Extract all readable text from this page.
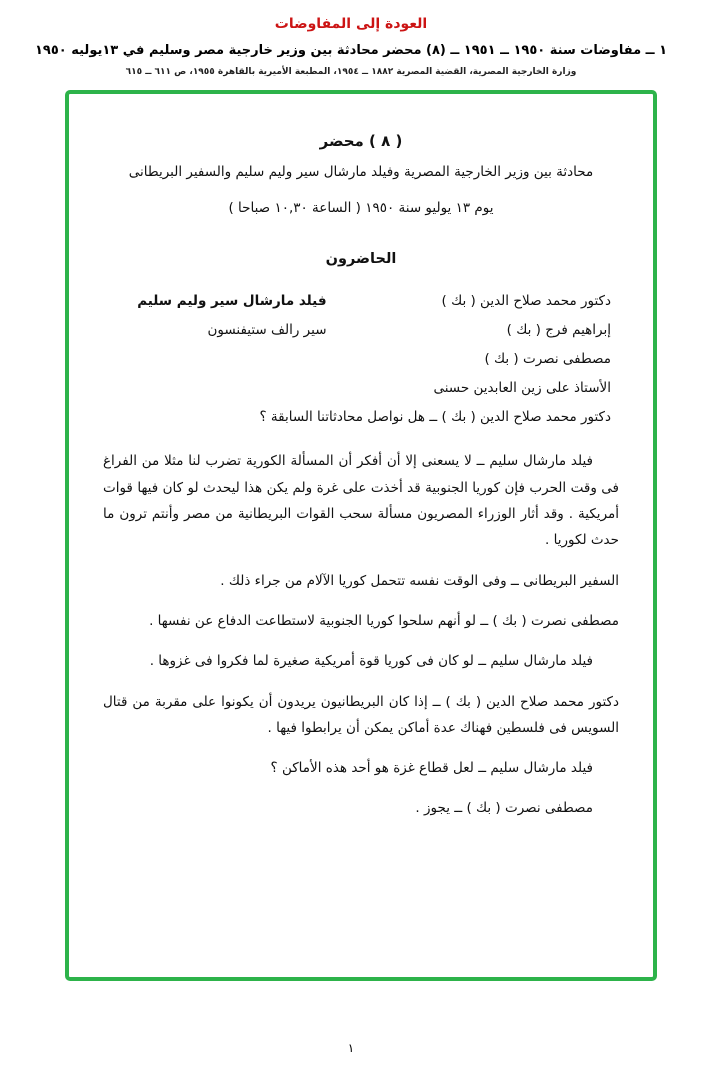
العودة إلى المفاوضات
١ ــ مفاوضات سنة ١٩٥٠ ــ ١٩٥١ ــ (٨) محضر محادثة بين وزير خارجية مصر وسليم في ١٣يوليه ١٩٥٠
وزارة الخارجية المصرية، القضية المصرية ١٨٨٢ ــ ١٩٥٤، المطبعة الأميرية بالقاهرة ١٩٥٥، ص ٦١١ ــ ٦١٥
( ٨ ) محضر
محادثة بين وزير الخارجية المصرية وفيلد مارشال سير وليم سليم والسفير البريطانى
يوم ١٣ يوليو سنة ١٩٥٠ ( الساعة ١٠,٣٠ صباحا )
الحاضرون
دكتور محمد صلاح الدين ( بك )
فيلد مارشال سير وليم سليم
إبراهيم فرج ( بك )
سير رالف ستيفنسون
مصطفى نصرت ( بك )
الأستاذ على زين العابدين حسنى
دكتور محمد صلاح الدين ( بك ) ــ هل نواصل محادثاتنا السابقة ؟

فيلد مارشال سليم ــ لا يسعنى إلا أن أفكر أن المسألة الكورية تضرب لنا مثلا من الفراغ فى وقت الحرب فإن كوريا الجنوبية قد أخذت على غرة ولم يكن هذا ليحدث لو كان فيها قوات أمريكية . وقد أثار الوزراء المصريون مسألة سحب القوات البريطانية من مصر وأنتم ترون ما حدث لكوريا .

السفير البريطانى ــ وفى الوقت نفسه تتحمل كوريا الآلام من جراء ذلك .

مصطفى نصرت ( بك ) ــ لو أنهم سلحوا كوريا الجنوبية لاستطاعت الدفاع عن نفسها .

فيلد مارشال سليم ــ لو كان فى كوريا قوة أمريكية صغيرة لما فكروا فى غزوها .

دكتور محمد صلاح الدين ( بك ) ــ إذا كان البريطانيون يريدون أن يكونوا على مقربة من قتال السويس فى فلسطين فهناك عدة أماكن يمكن أن يرابطوا فيها .

فيلد مارشال سليم ــ لعل قطاع غزة هو أحد هذه الأماكن ؟

مصطفى نصرت ( بك ) ــ يجوز .

١
